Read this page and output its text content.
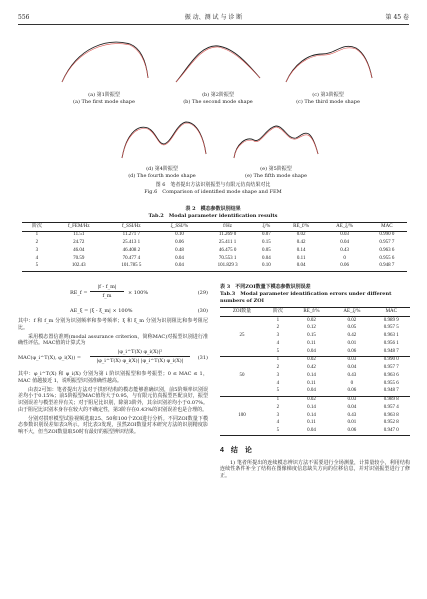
556	振 动、测 试 与 诊 断	第 45 卷
(a) 第1阶振型
(a) The first mode shape
(b) 第2阶振型
(b) The second mode shape
(c) 第3阶振型
(c) The third mode shape
(d) 第4阶振型
(d) The fourth mode shape
(e) 第5阶振型
(e) The fifth mode shape
图 6　笔者提出方法识别振型与有限元仿真结果对比
Fig.6　Comparison of identified mode shape and FEM
表 2　模态参数识别结果
Tab.2　Modal parameter identification results
阶次	f_FEM/Hz	f_SSI/Hz	ξ_SSI/%	f/Hz	ξ/%	RE_f/%	AE_ξ/%	MAC
1	11.51	11.271 7	0.10	11.269 0	0.07	0.02	0.03	0.990 0
2	24.72	25.413 1	0.06	25.411 1	0.15	0.42	0.04	0.957 7
3	46.04	46.408 2	0.48	46.475 0	0.05	0.14	0.43	0.963 6
4	70.59	70.477 4	0.04	70.553 1	0.04	0.11	0	0.955 6
5	102.43	101.785 5	0.04	101.829 3	0.10	0.04	0.06	0.948 7
RE_f =
|f - f_m|
f_m	× 100%	(29)
AE_ξ = |ξ - ξ_m| × 100%	(30)
其中：f 和 f_m 分别为识别频率和参考频率；ξ 和 ξ_m 分别为识别阻比和参考阻尼比。
采用模态置信准则(modal assurance criterion，简称MAC)对振型识别进行准确性评估。MAC值的计算式为
MAC(φ_i^T(X), φ_i(X)) =
|φ_i^T(X) φ_i(X)|²
|φ_i^T(X) φ_i(X)| |φ_i^T(X) φ_i(X)|	(31)
其中：φ_i^T(X) 和 φ_i(X) 分别为第 i 阶识别振型和参考振型；0 ≤ MAC ≤ 1，MAC 值越接近 1，说明振型识别准确性越高。
由表2可知：笔者提出方法对于拱形结构的模态能够准确识别，前5阶频率识别误差均小于0.15%；前5阶振型MAC值均大于0.95，与有限元仿真振型匹配良好，振型识别误差与模型差异有关；对于阻尼比识别，除第3阶外，其余识别差均小于0.07%。由于阻尼比识别本身存在较大的不确定性，第3阶存在0.43%的识别误差也是合理的。
分别对拱形模型试验视频选取25、50和100个ZOI进行分析。不同ZOI数量下模态参数识别误差如表3所示。对比表3发现，虽然ZOI数量对本研究方法的识别精度影响不大，但当ZOI数量取50时有最好的振型辨识结果。
表 3　不同ZOI数量下模态参数识别误差
Tab.3　Modal parameter identification errors under different numbers of ZOI
ZOI数量	阶次	RE_f/%	AE_ξ/%	MAC
25	1	0.02	0.02	0.989 9
	2	0.12	0.05	0.957 5
	3	0.15	0.42	0.963 1
	4	0.11	0.01	0.956 1
	5	0.04	0.06	0.948 7
50	1	0.02	0.03	0.990 0
	2	0.42	0.04	0.957 7
	3	0.14	0.43	0.963 6
	4	0.11	0	0.955 6
	5	0.04	0.06	0.948 7
100	1	0.02	0.03	0.989 8
	2	0.14	0.04	0.957 4
	3	0.14	0.43	0.963 8
	4	0.11	0.01	0.952 8
	5	0.04	0.06	0.947 0
4　结　论
1) 笔者所提出的连续模态辨识方法不需要进行全场测量，计算量较小，利用结构连续性条件补全了结构在图像梯度信息缺失方向的位移信息，并对识别振型进行了修正。
